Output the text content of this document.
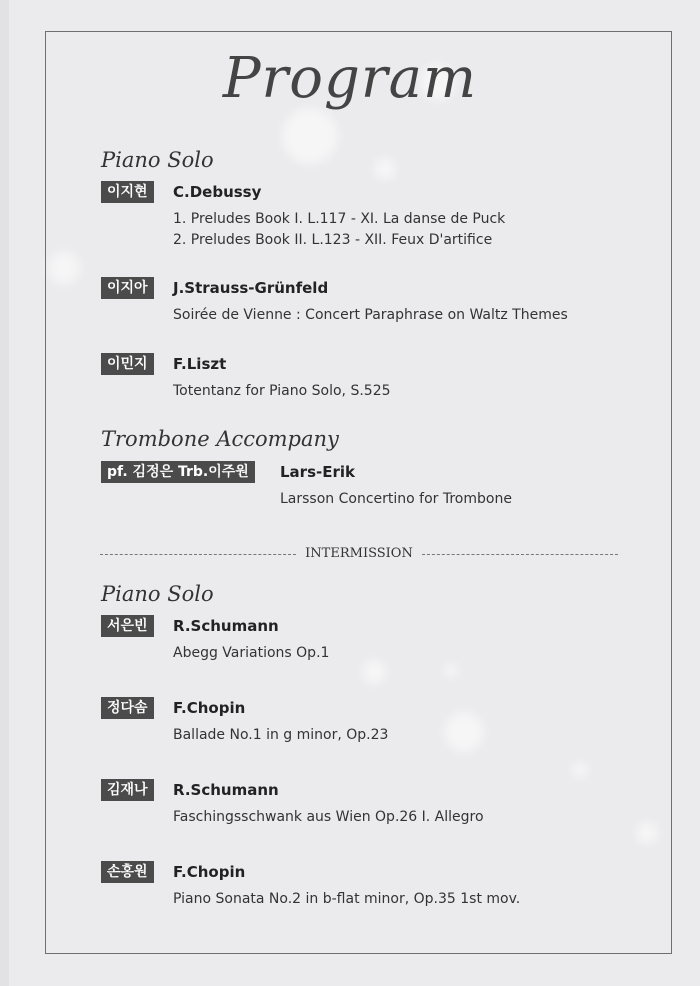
Program
Piano Solo
이지현	C.Debussy
1. Preludes Book I. L.117 - XI. La danse de Puck
2. Preludes Book II. L.123 - XII. Feux D'artifice
이지아	J.Strauss-Grünfeld
Soirée de Vienne : Concert Paraphrase on Waltz Themes
이민지	F.Liszt
Totentanz for Piano Solo, S.525
Trombone Accompany
pf. 김정은 Trb.이주원	Lars-Erik
Larsson Concertino for Trombone
INTERMISSION
Piano Solo
서은빈	R.Schumann
Abegg Variations Op.1
정다솜	F.Chopin
Ballade No.1 in g minor, Op.23
김재나	R.Schumann
Faschingsschwank aus Wien Op.26 I. Allegro
손홍원	F.Chopin
Piano Sonata No.2 in b-flat minor, Op.35 1st mov.
